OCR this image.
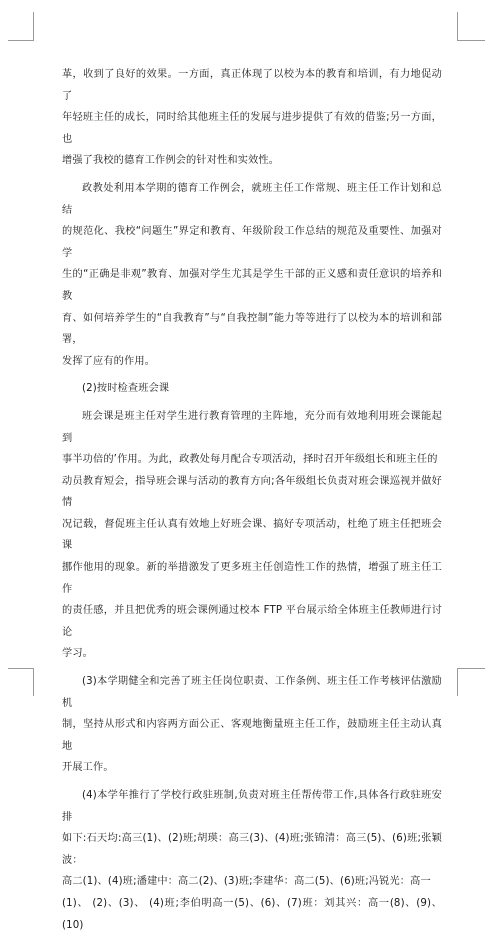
革，收到了良好的效果。一方面，真正体现了以校为本的教育和培训，有力地促动了

年轻班主任的成长，同时给其他班主任的发展与进步提供了有效的借鉴;另一方面，也

增强了我校的德育工作例会的针对性和实效性。

政教处利用本学期的德育工作例会，就班主任工作常规、班主任工作计划和总结

的规范化、我校“问题生”界定和教育、年级阶段工作总结的规范及重要性、加强对学

生的“正确是非观”教育、加强对学生尤其是学生干部的正义感和责任意识的培养和教

育、如何培养学生的“自我教育”与“自我控制”能力等等进行了以校为本的培训和部署，

发挥了应有的作用。

(2)按时检查班会课

班会课是班主任对学生进行教育管理的主阵地，充分而有效地利用班会课能起到

事半功倍的’作用。为此，政教处每月配合专项活动，择时召开年级组长和班主任的

动员教育短会，指导班会课与活动的教育方向;各年级组长负责对班会课巡视并做好情

况记载，督促班主任认真有效地上好班会课、搞好专项活动，杜绝了班主任把班会课

挪作他用的现象。新的举措激发了更多班主任创造性工作的热情，增强了班主任工作

的责任感，并且把优秀的班会课例通过校本 FTP 平台展示给全体班主任教师进行讨论

学习。

(3)本学期健全和完善了班主任岗位职责、工作条例、班主任工作考核评估激励机

制，坚持从形式和内容两方面公正、客观地衡量班主任工作，鼓励班主任主动认真地

开展工作。

(4)本学年推行了学校行政驻班制,负责对班主任帮传带工作,具体各行政驻班安排

如下:石天均:高三(1)、(2)班;胡瑛：高三(3)、(4)班;张锦清：高三(5)、(6)班;张颖波：

高二(1)、(4)班;潘建中：高二(2)、(3)班;李建华：高二(5)、(6)班;冯锐光：高一

(1)、 (2)、(3)、 (4)班;李伯明高一(5)、(6)、(7)班：刘其兴：高一(8)、(9)、(10)
